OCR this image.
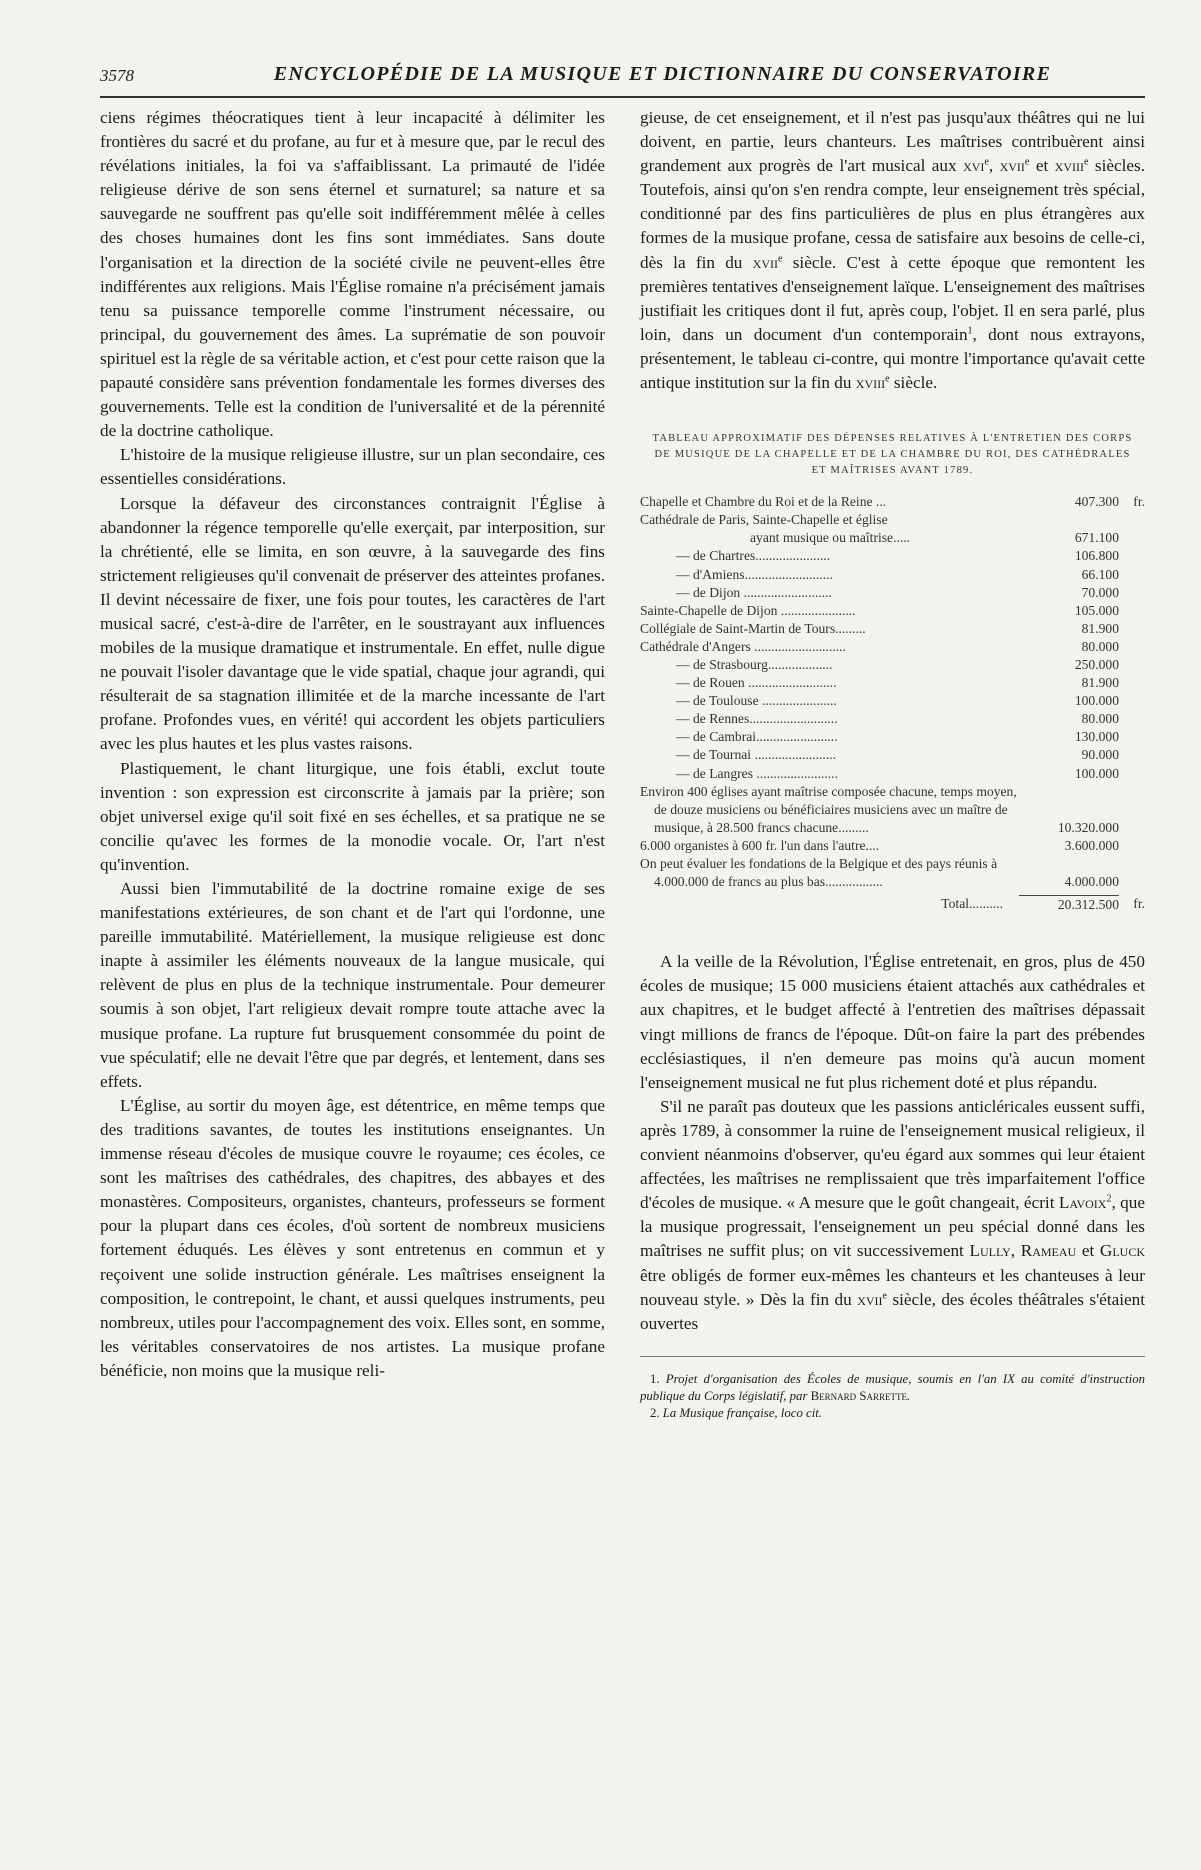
3578	ENCYCLOPÉDIE DE LA MUSIQUE ET DICTIONNAIRE DU CONSERVATOIRE

ciens régimes théocratiques tient à leur incapacité à délimiter les frontières du sacré et du profane, au fur et à mesure que, par le recul des révélations initiales, la foi va s'affaiblissant. La primauté de l'idée religieuse dérive de son sens éternel et surnaturel; sa nature et sa sauvegarde ne souffrent pas qu'elle soit indifféremment mêlée à celles des choses humaines dont les fins sont immédiates. Sans doute l'organisation et la direction de la société civile ne peuvent-elles être indifférentes aux religions. Mais l'Église romaine n'a précisément jamais tenu sa puissance temporelle comme l'instrument nécessaire, ou principal, du gouvernement des âmes. La suprématie de son pouvoir spirituel est la règle de sa véritable action, et c'est pour cette raison que la papauté considère sans prévention fondamentale les formes diverses des gouvernements. Telle est la condition de l'universalité et de la pérennité de la doctrine catholique.

L'histoire de la musique religieuse illustre, sur un plan secondaire, ces essentielles considérations.

Lorsque la défaveur des circonstances contraignit l'Église à abandonner la régence temporelle qu'elle exerçait, par interposition, sur la chrétienté, elle se limita, en son œuvre, à la sauvegarde des fins strictement religieuses qu'il convenait de préserver des atteintes profanes. Il devint nécessaire de fixer, une fois pour toutes, les caractères de l'art musical sacré, c'est-à-dire de l'arrêter, en le soustrayant aux influences mobiles de la musique dramatique et instrumentale. En effet, nulle digue ne pouvait l'isoler davantage que le vide spatial, chaque jour agrandi, qui résulterait de sa stagnation illimitée et de la marche incessante de l'art profane. Profondes vues, en vérité! qui accordent les objets particuliers avec les plus hautes et les plus vastes raisons.

Plastiquement, le chant liturgique, une fois établi, exclut toute invention : son expression est circonscrite à jamais par la prière; son objet universel exige qu'il soit fixé en ses échelles, et sa pratique ne se concilie qu'avec les formes de la monodie vocale. Or, l'art n'est qu'invention.

Aussi bien l'immutabilité de la doctrine romaine exige de ses manifestations extérieures, de son chant et de l'art qui l'ordonne, une pareille immutabilité. Matériellement, la musique religieuse est donc inapte à assimiler les éléments nouveaux de la langue musicale, qui relèvent de plus en plus de la technique instrumentale. Pour demeurer soumis à son objet, l'art religieux devait rompre toute attache avec la musique profane. La rupture fut brusquement consommée du point de vue spéculatif; elle ne devait l'être que par degrés, et lentement, dans ses effets.

L'Église, au sortir du moyen âge, est détentrice, en même temps que des traditions savantes, de toutes les institutions enseignantes. Un immense réseau d'écoles de musique couvre le royaume; ces écoles, ce sont les maîtrises des cathédrales, des chapitres, des abbayes et des monastères. Compositeurs, organistes, chanteurs, professeurs se forment pour la plupart dans ces écoles, d'où sortent de nombreux musiciens fortement éduqués. Les élèves y sont entretenus en commun et y reçoivent une solide instruction générale. Les maîtrises enseignent la composition, le contrepoint, le chant, et aussi quelques instruments, peu nombreux, utiles pour l'accompagnement des voix. Elles sont, en somme, les véritables conservatoires de nos artistes. La musique profane bénéficie, non moins que la musique reli-

gieuse, de cet enseignement, et il n'est pas jusqu'aux théâtres qui ne lui doivent, en partie, leurs chanteurs. Les maîtrises contribuèrent ainsi grandement aux progrès de l'art musical aux xvi$^e$, xvii$^e$ et xviii$^e$ siècles. Toutefois, ainsi qu'on s'en rendra compte, leur enseignement très spécial, conditionné par des fins particulières de plus en plus étrangères aux formes de la musique profane, cessa de satisfaire aux besoins de celle-ci, dès la fin du xvii$^e$ siècle. C'est à cette époque que remontent les premières tentatives d'enseignement laïque. L'enseignement des maîtrises justifiait les critiques dont il fut, après coup, l'objet. Il en sera parlé, plus loin, dans un document d'un contemporain$^1$, dont nous extrayons, présentement, le tableau ci-contre, qui montre l'importance qu'avait cette antique institution sur la fin du xviii$^e$ siècle.

TABLEAU APPROXIMATIF DES DÉPENSES RELATIVES À L'ENTRETIEN DES CORPS DE MUSIQUE DE LA CHAPELLE ET DE LA CHAMBRE DU ROI, DES CATHÉDRALES ET MAÎTRISES AVANT 1789.
Chapelle et Chambre du Roi et de la Reine ...	407.300	fr.
Cathédrale de Paris, Sainte-Chapelle et église
ayant musique ou maîtrise.....	671.100
— de Chartres......................	106.800
— d'Amiens..........................	66.100
— de Dijon ..........................	70.000
Sainte-Chapelle de Dijon ......................	105.000
Collégiale de Saint-Martin de Tours.........	81.900
Cathédrale d'Angers ...........................	80.000
— de Strasbourg...................	250.000
— de Rouen ..........................	81.900
— de Toulouse ......................	100.000
— de Rennes..........................	80.000
— de Cambrai........................	130.000
— de Tournai ........................	90.000
— de Langres ........................	100.000
Environ 400 églises ayant maîtrise composée chacune, temps moyen, de douze musiciens ou bénéficiaires musiciens avec un maître de musique, à 28.500 francs chacune.........	10.320.000
6.000 organistes à 600 fr. l'un dans l'autre....	3.600.000
On peut évaluer les fondations de la Belgique et des pays réunis à 4.000.000 de francs au plus bas.................	4.000.000
Total..........	20.312.500	fr.

A la veille de la Révolution, l'Église entretenait, en gros, plus de 450 écoles de musique; 15 000 musiciens étaient attachés aux cathédrales et aux chapitres, et le budget affecté à l'entretien des maîtrises dépassait vingt millions de francs de l'époque. Dût-on faire la part des prébendes ecclésiastiques, il n'en demeure pas moins qu'à aucun moment l'enseignement musical ne fut plus richement doté et plus répandu.

S'il ne paraît pas douteux que les passions anticléricales eussent suffi, après 1789, à consommer la ruine de l'enseignement musical religieux, il convient néanmoins d'observer, qu'eu égard aux sommes qui leur étaient affectées, les maîtrises ne remplissaient que très imparfaitement l'office d'écoles de musique. « A mesure que le goût changeait, écrit Lavoix$^2$, que la musique progressait, l'enseignement un peu spécial donné dans les maîtrises ne suffit plus; on vit successivement Lully, Rameau et Gluck être obligés de former eux-mêmes les chanteurs et les chanteuses à leur nouveau style. » Dès la fin du xvii$^e$ siècle, des écoles théâtrales s'étaient ouvertes

1. Projet d'organisation des Écoles de musique, soumis en l'an IX au comité d'instruction publique du Corps législatif, par Bernard Sarrette.

2. La Musique française, loco cit.
